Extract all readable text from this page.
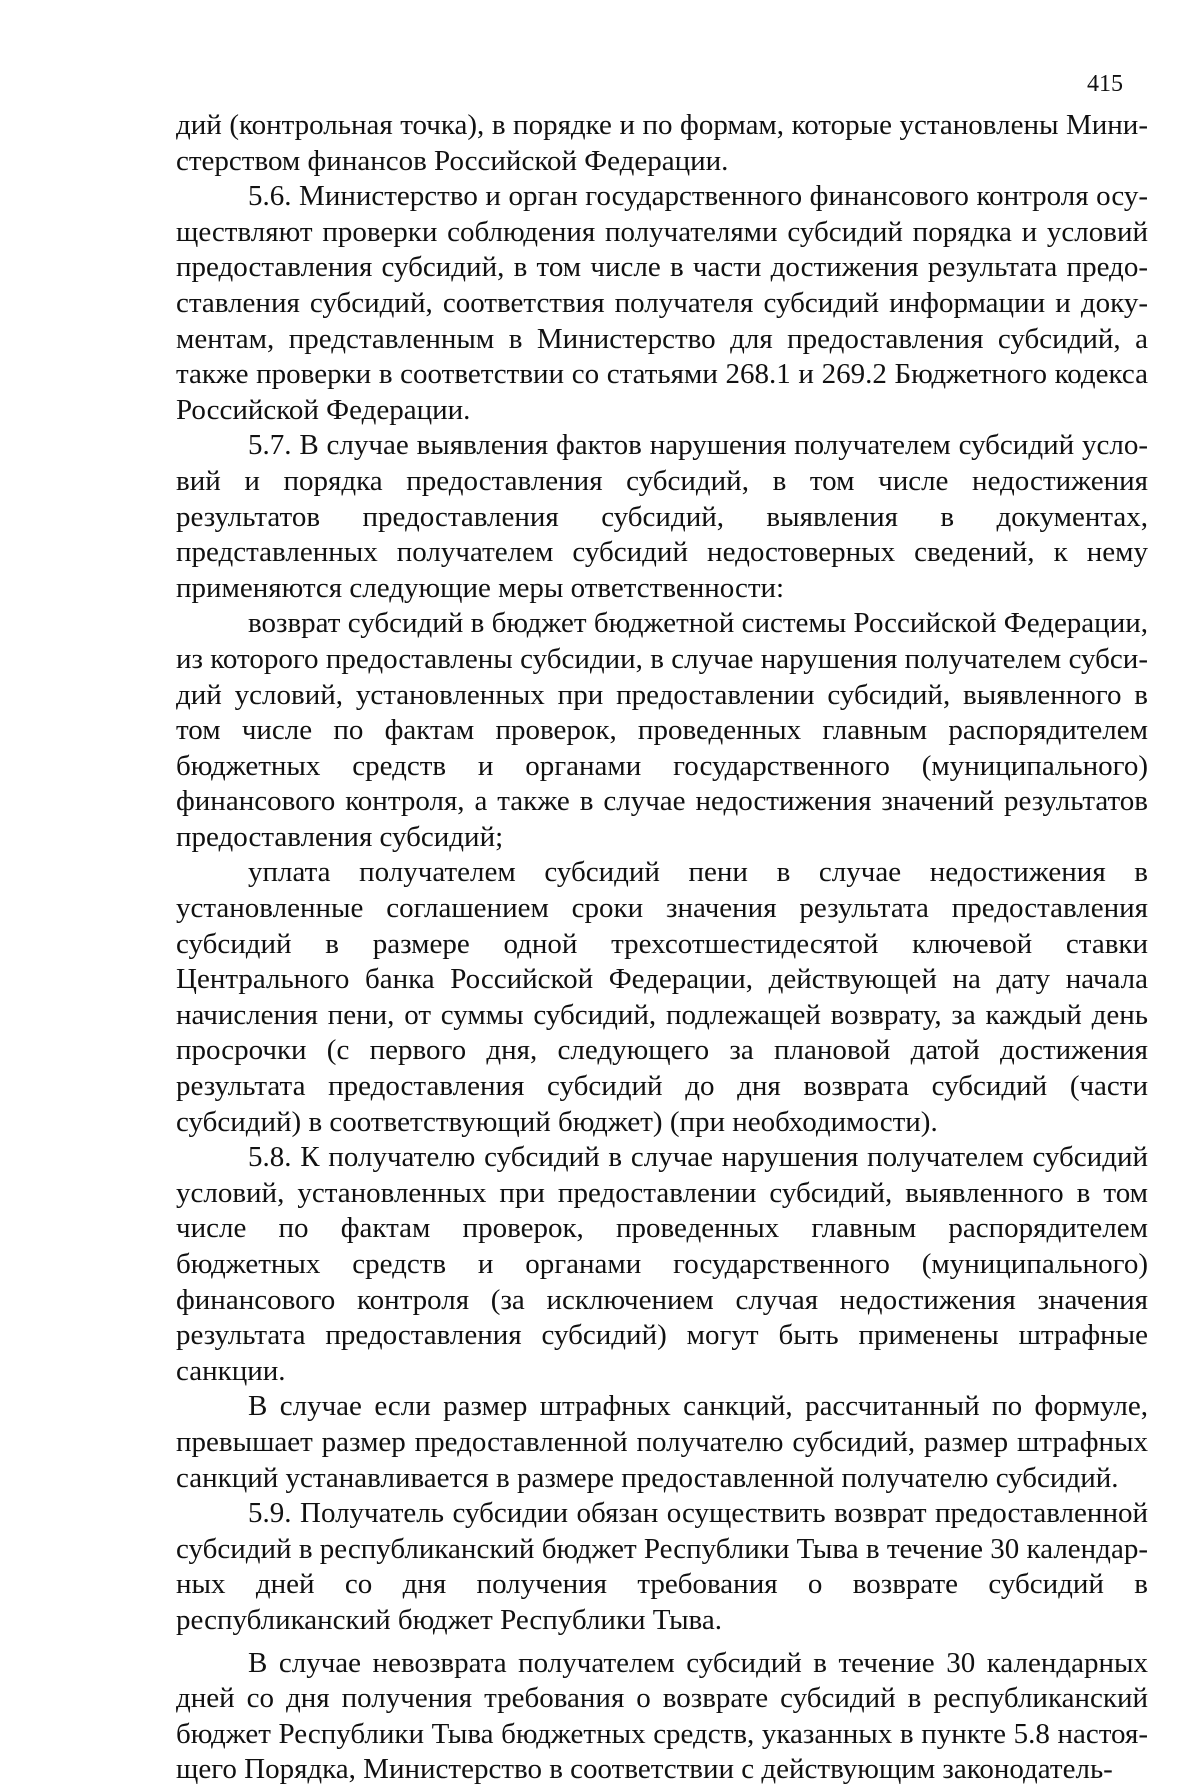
415

дий (контрольная точка), в порядке и по формам, которые установлены Министерством финансов Российской Федерации.

5.6. Министерство и орган государственного финансового контроля осуществляют проверки соблюдения получателями субсидий порядка и условий предоставления субсидий, в том числе в части достижения результата предоставления субсидий, соответствия получателя субсидий информации и документам, представленным в Министерство для предоставления субсидий, а также проверки в соответствии со статьями 268.1 и 269.2 Бюджетного кодекса Российской Федерации.

5.7. В случае выявления фактов нарушения получателем субсидий условий и порядка предоставления субсидий, в том числе недостижения результатов предоставления субсидий, выявления в документах, представленных получателем субсидий недостоверных сведений, к нему применяются следующие меры ответственности:

возврат субсидий в бюджет бюджетной системы Российской Федерации, из которого предоставлены субсидии, в случае нарушения получателем субсидий условий, установленных при предоставлении субсидий, выявленного в том числе по фактам проверок, проведенных главным распорядителем бюджетных средств и органами государственного (муниципального) финансового контроля, а также в случае недостижения значений результатов предоставления субсидий;

уплата получателем субсидий пени в случае недостижения в установленные соглашением сроки значения результата предоставления субсидий в размере одной трехсотшестидесятой ключевой ставки Центрального банка Российской Федерации, действующей на дату начала начисления пени, от суммы субсидий, подлежащей возврату, за каждый день просрочки (с первого дня, следующего за плановой датой достижения результата предоставления субсидий до дня возврата субсидий (части субсидий) в соответствующий бюджет) (при необходимости).

5.8. К получателю субсидий в случае нарушения получателем субсидий условий, установленных при предоставлении субсидий, выявленного в том числе по фактам проверок, проведенных главным распорядителем бюджетных средств и органами государственного (муниципального) финансового контроля (за исключением случая недостижения значения результата предоставления субсидий) могут быть применены штрафные санкции.

В случае если размер штрафных санкций, рассчитанный по формуле, превышает размер предоставленной получателю субсидий, размер штрафных санкций устанавливается в размере предоставленной получателю субсидий.

5.9. Получатель субсидии обязан осуществить возврат предоставленной субсидий в республиканский бюджет Республики Тыва в течение 30 календарных дней со дня получения требования о возврате субсидий в республиканский бюджет Республики Тыва.

В случае невозврата получателем субсидий в течение 30 календарных дней со дня получения требования о возврате субсидий в республиканский бюджет Республики Тыва бюджетных средств, указанных в пункте 5.8 настоящего Порядка, Министерство в соответствии с действующим законодатель-
